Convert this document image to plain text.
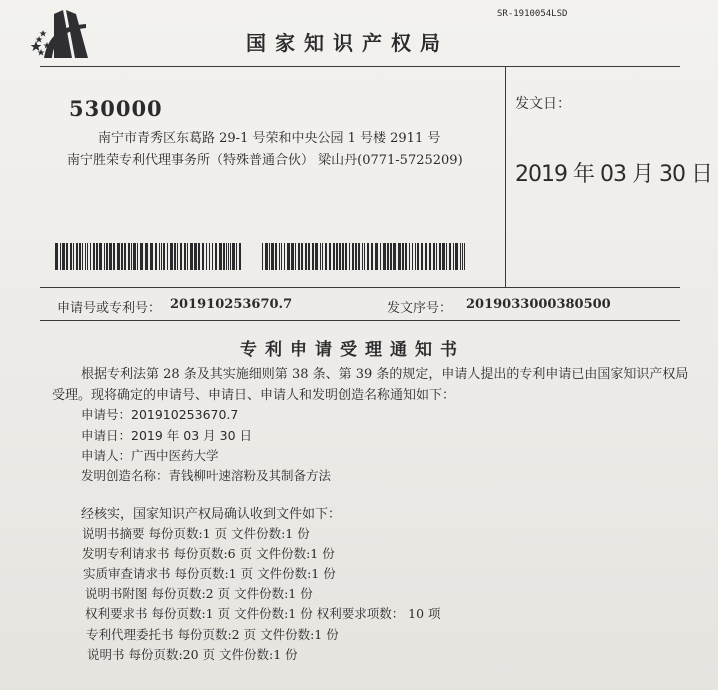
SR-1910054LSD
国家知识产权局
530000
南宁市青秀区东葛路 29-1 号荣和中央公园 1 号楼 2911 号
南宁胜荣专利代理事务所（特殊普通合伙） 梁山丹(0771-5725209)
发文日：
2019 年 03 月 30 日
申请号或专利号： 201910253670.7	发文序号： 2019033000380500
专利申请受理通知书
根据专利法第 28 条及其实施细则第 38 条、第 39 条的规定，申请人提出的专利申请已由国家知识产权局
受理。现将确定的申请号、申请日、申请人和发明创造名称通知如下：
申请号：201910253670.7
申请日：2019 年 03 月 30 日
申请人：广西中医药大学
发明创造名称：青钱柳叶速溶粉及其制备方法
经核实，国家知识产权局确认收到文件如下：
说明书摘要 每份页数:1 页 文件份数:1 份
发明专利请求书 每份页数:6 页 文件份数:1 份
实质审查请求书 每份页数:1 页 文件份数:1 份
说明书附图 每份页数:2 页 文件份数:1 份
权利要求书 每份页数:1 页 文件份数:1 份 权利要求项数： 10 项
专利代理委托书 每份页数:2 页 文件份数:1 份
说明书 每份页数:20 页 文件份数:1 份
